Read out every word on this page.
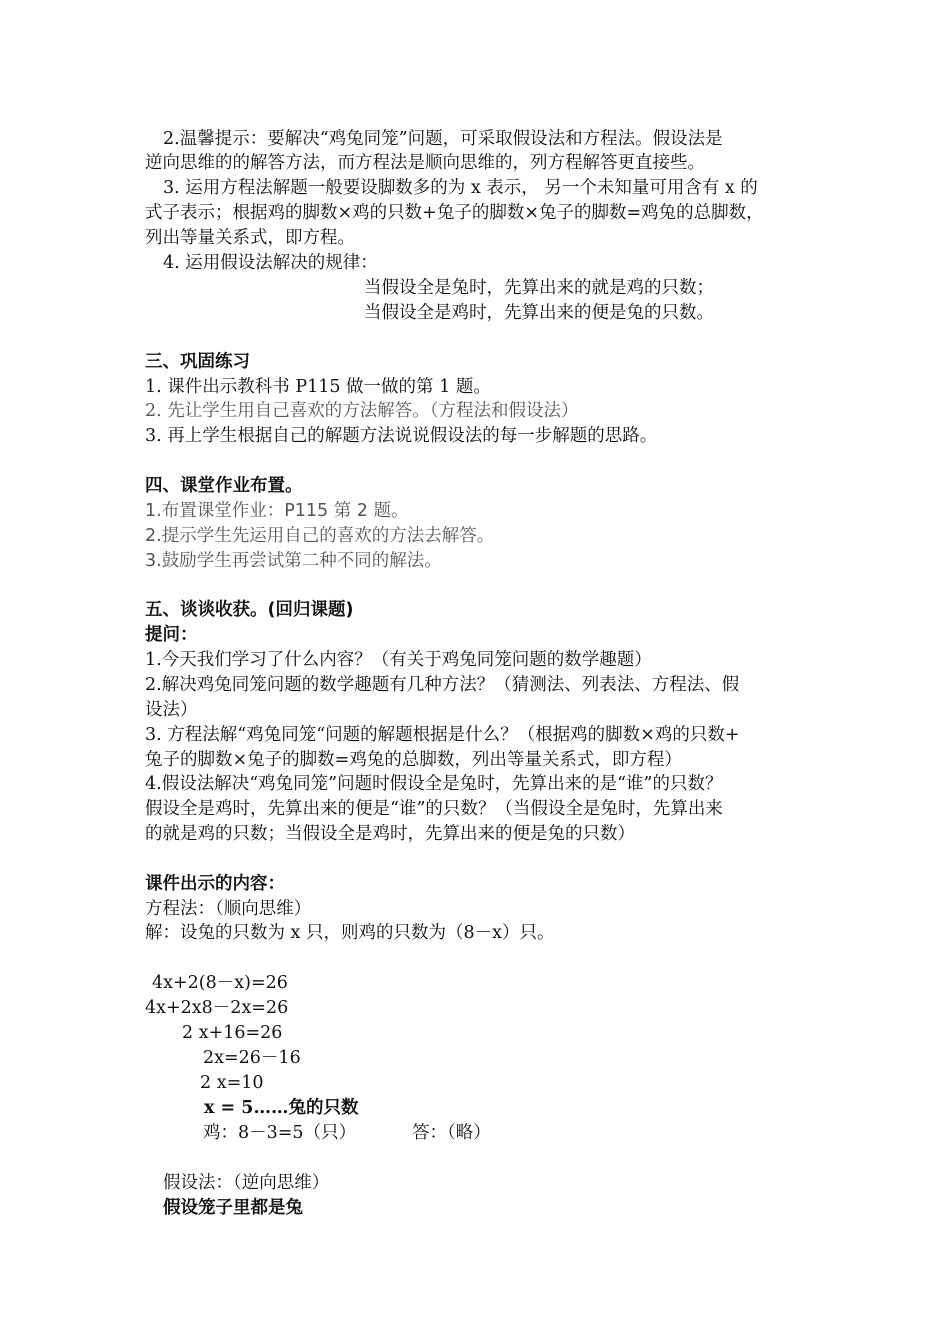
2.温馨提示：要解决“鸡兔同笼”问题，可采取假设法和方程法。假设法是
逆向思维的的解答方法，而方程法是顺向思维的，列方程解答更直接些。
3. 运用方程法解题一般要设脚数多的为 x 表示， 另一个未知量可用含有 x 的
式子表示；根据鸡的脚数×鸡的只数+兔子的脚数×兔子的脚数=鸡兔的总脚数，
列出等量关系式，即方程。
4. 运用假设法解决的规律：
当假设全是兔时，先算出来的就是鸡的只数；
当假设全是鸡时，先算出来的便是兔的只数。
三、巩固练习
1. 课件出示教科书 P115 做一做的第 1 题。
2. 先让学生用自己喜欢的方法解答。（方程法和假设法）
3. 再上学生根据自己的解题方法说说假设法的每一步解题的思路。
四、课堂作业布置。
1.布置课堂作业：P115 第 2 题。
2.提示学生先运用自己的喜欢的方法去解答。
3.鼓励学生再尝试第二种不同的解法。
五、谈谈收获。(回归课题)
提问：
1.今天我们学习了什么内容？（有关于鸡兔同笼问题的数学趣题）
2.解决鸡兔同笼问题的数学趣题有几种方法？（猜测法、列表法、方程法、假
设法）
3. 方程法解“鸡兔同笼“问题的解题根据是什么？（根据鸡的脚数×鸡的只数+
兔子的脚数×兔子的脚数=鸡兔的总脚数，列出等量关系式，即方程）
4.假设法解决“鸡兔同笼”问题时假设全是兔时，先算出来的是“谁”的只数？
假设全是鸡时，先算出来的便是“谁”的只数？（当假设全是兔时，先算出来
的就是鸡的只数；当假设全是鸡时，先算出来的便是兔的只数）
课件出示的内容：
方程法：（顺向思维）
解：设兔的只数为 x 只，则鸡的只数为（8－x）只。
4x+2(8－x)=26
4x+2x8－2x=26
2 x+16=26
2x=26－16
2 x=10
x = 5……兔的只数
鸡：8－3=5（只）	答：（略）
假设法：（逆向思维）
假设笼子里都是兔
